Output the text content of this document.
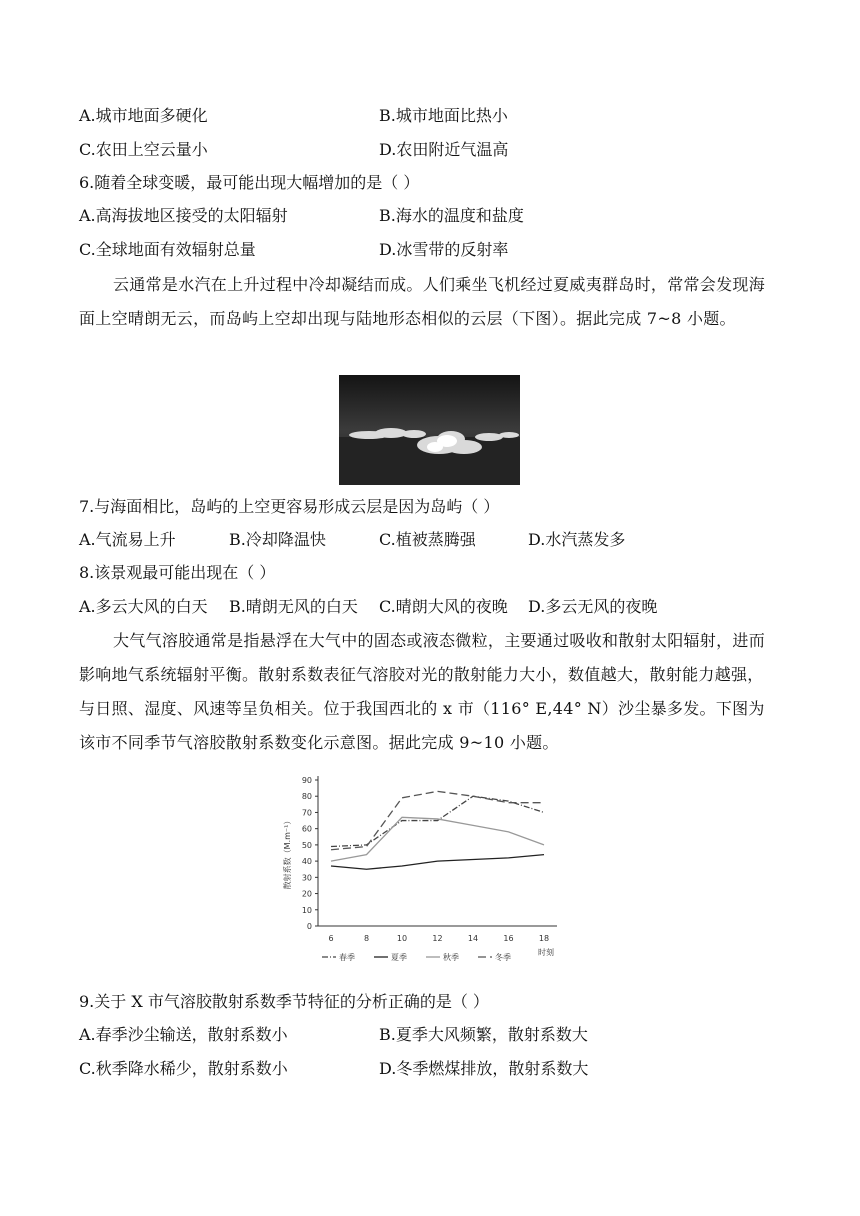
A.城市地面多硬化	B.城市地面比热小
C.农田上空云量小	D.农田附近气温高
6.随着全球变暖，最可能出现大幅增加的是（ ）
A.高海拔地区接受的太阳辐射	B.海水的温度和盐度
C.全球地面有效辐射总量	D.冰雪带的反射率
云通常是水汽在上升过程中冷却凝结而成。人们乘坐飞机经过夏威夷群岛时，常常会发现海面上空晴朗无云，而岛屿上空却出现与陆地形态相似的云层（下图）。据此完成 7~8 小题。
7.与海面相比，岛屿的上空更容易形成云层是因为岛屿（ ）
A.气流易上升	B.冷却降温快	C.植被蒸腾强	D.水汽蒸发多
8.该景观最可能出现在（ ）
A.多云大风的白天 B.晴朗无风的白天 C.晴朗大风的夜晚 D.多云无风的夜晚
大气气溶胶通常是指悬浮在大气中的固态或液态微粒，主要通过吸收和散射太阳辐射，进而影响地气系统辐射平衡。散射系数表征气溶胶对光的散射能力大小，数值越大，散射能力越强，与日照、湿度、风速等呈负相关。位于我国西北的 x 市（116° E,44° N）沙尘暴多发。下图为该市不同季节气溶胶散射系数变化示意图。据此完成 9~10 小题。
0
10
20
30
40
50
60
70
80
90
6	8	10	12	14	16	18
时刻
散射系数（M.m⁻¹）
春季	夏季	秋季	冬季
9.关于 X 市气溶胶散射系数季节特征的分析正确的是（ ）
A.春季沙尘输送，散射系数小	B.夏季大风频繁，散射系数大
C.秋季降水稀少，散射系数小	D.冬季燃煤排放，散射系数大
